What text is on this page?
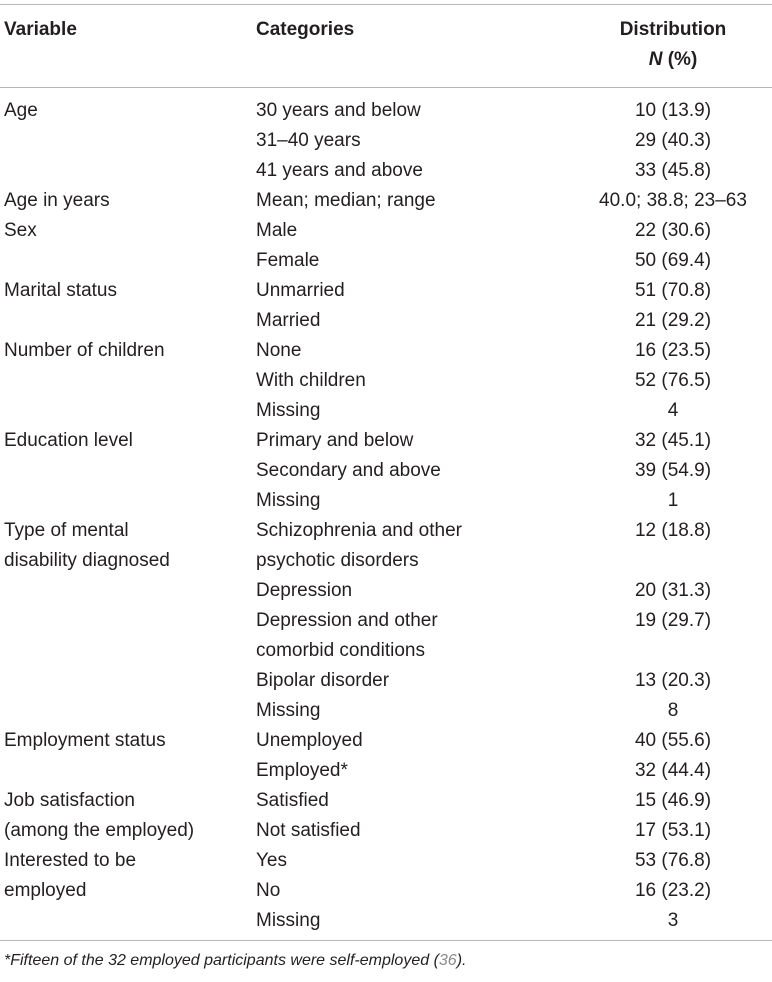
Variable	Categories	Distribution
N (%)

Age	30 years and below	10 (13.9)
	31–40 years	29 (40.3)
	41 years and above	33 (45.8)
Age in years	Mean; median; range	40.0; 38.8; 23–63
Sex	Male	22 (30.6)
	Female	50 (69.4)
Marital status	Unmarried	51 (70.8)
	Married	21 (29.2)
Number of children	None	16 (23.5)
	With children	52 (76.5)
	Missing	4
Education level	Primary and below	32 (45.1)
	Secondary and above	39 (54.9)
	Missing	1
Type of mental	Schizophrenia and other	12 (18.8)
disability diagnosed	psychotic disorders	
	Depression	20 (31.3)
	Depression and other	19 (29.7)
	comorbid conditions	
	Bipolar disorder	13 (20.3)
	Missing	8
Employment status	Unemployed	40 (55.6)
	Employed*	32 (44.4)
Job satisfaction	Satisfied	15 (46.9)
(among the employed)	Not satisfied	17 (53.1)
Interested to be	Yes	53 (76.8)
employed	No	16 (23.2)
	Missing	3
*Fifteen of the 32 employed participants were self-employed (36).
